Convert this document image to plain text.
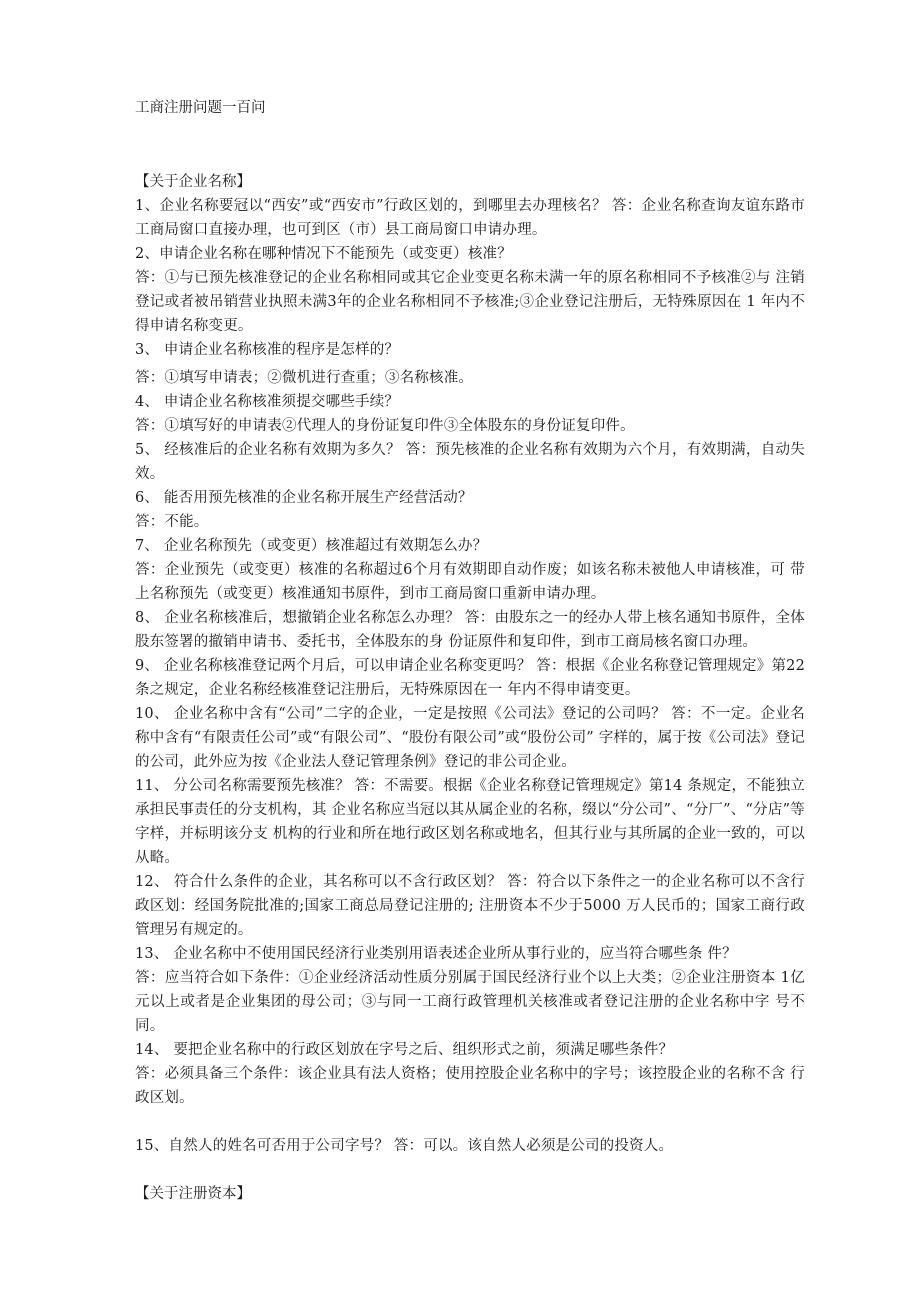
工商注册问题一百问
【关于企业名称】

1、企业名称要冠以“西安”或“西安市”行政区划的，到哪里去办理核名？ 答：企业名称查询友谊东路市工商局窗口直接办理，也可到区（市）县工商局窗口申请办理。

2、申请企业名称在哪种情况下不能预先（或变更）核准？

答：①与已预先核准登记的企业名称相同或其它企业变更名称未满一年的原名称相同不予核准②与 注销登记或者被吊销营业执照未满3年的企业名称相同不予核准;③企业登记注册后，无特殊原因在 1 年内不得申请名称变更。

3、 申请企业名称核准的程序是怎样的？

答：①填写申请表；②微机进行查重；③名称核准。

4、 申请企业名称核准须提交哪些手续？

答：①填写好的申请表②代理人的身份证复印件③全体股东的身份证复印件。

5、 经核准后的企业名称有效期为多久？ 答：预先核准的企业名称有效期为六个月，有效期满，自动失效。

6、 能否用预先核准的企业名称开展生产经营活动？

答：不能。

7、 企业名称预先（或变更）核准超过有效期怎么办？

答：企业预先（或变更）核准的名称超过6个月有效期即自动作废；如该名称未被他人申请核准，可 带上名称预先（或变更）核准通知书原件，到市工商局窗口重新申请办理。

8、 企业名称核准后，想撤销企业名称怎么办理？ 答：由股东之一的经办人带上核名通知书原件，全体股东签署的撤销申请书、委托书，全体股东的身 份证原件和复印件，到市工商局核名窗口办理。

9、 企业名称核准登记两个月后，可以申请企业名称变更吗？ 答：根据《企业名称登记管理规定》第22条之规定，企业名称经核准登记注册后，无特殊原因在一 年内不得申请变更。

10、 企业名称中含有“公司”二字的企业，一定是按照《公司法》登记的公司吗？ 答：不一定。企业名称中含有“有限责任公司”或“有限公司”、“股份有限公司”或“股份公司” 字样的，属于按《公司法》登记的公司，此外应为按《企业法人登记管理条例》登记的非公司企业。

11、 分公司名称需要预先核准？ 答：不需要。根据《企业名称登记管理规定》第14 条规定，不能独立承担民事责任的分支机构，其 企业名称应当冠以其从属企业的名称，缀以“分公司”、“分厂”、“分店”等字样，并标明该分支 机构的行业和所在地行政区划名称或地名，但其行业与其所属的企业一致的，可以从略。

12、 符合什么条件的企业，其名称可以不含行政区划？ 答：符合以下条件之一的企业名称可以不含行政区划：经国务院批准的;国家工商总局登记注册的; 注册资本不少于5000 万人民币的；国家工商行政管理另有规定的。

13、 企业名称中不使用国民经济行业类别用语表述企业所从事行业的，应当符合哪些条 件？

答：应当符合如下条件：①企业经济活动性质分别属于国民经济行业个以上大类；②企业注册资本 1亿元以上或者是企业集团的母公司；③与同一工商行政管理机关核准或者登记注册的企业名称中字 号不同。

14、 要把企业名称中的行政区划放在字号之后、组织形式之前，须满足哪些条件？

答：必须具备三个条件：该企业具有法人资格；使用控股企业名称中的字号；该控股企业的名称不含 行政区划。

15、自然人的姓名可否用于公司字号？ 答：可以。该自然人必须是公司的投资人。

【关于注册资本】
